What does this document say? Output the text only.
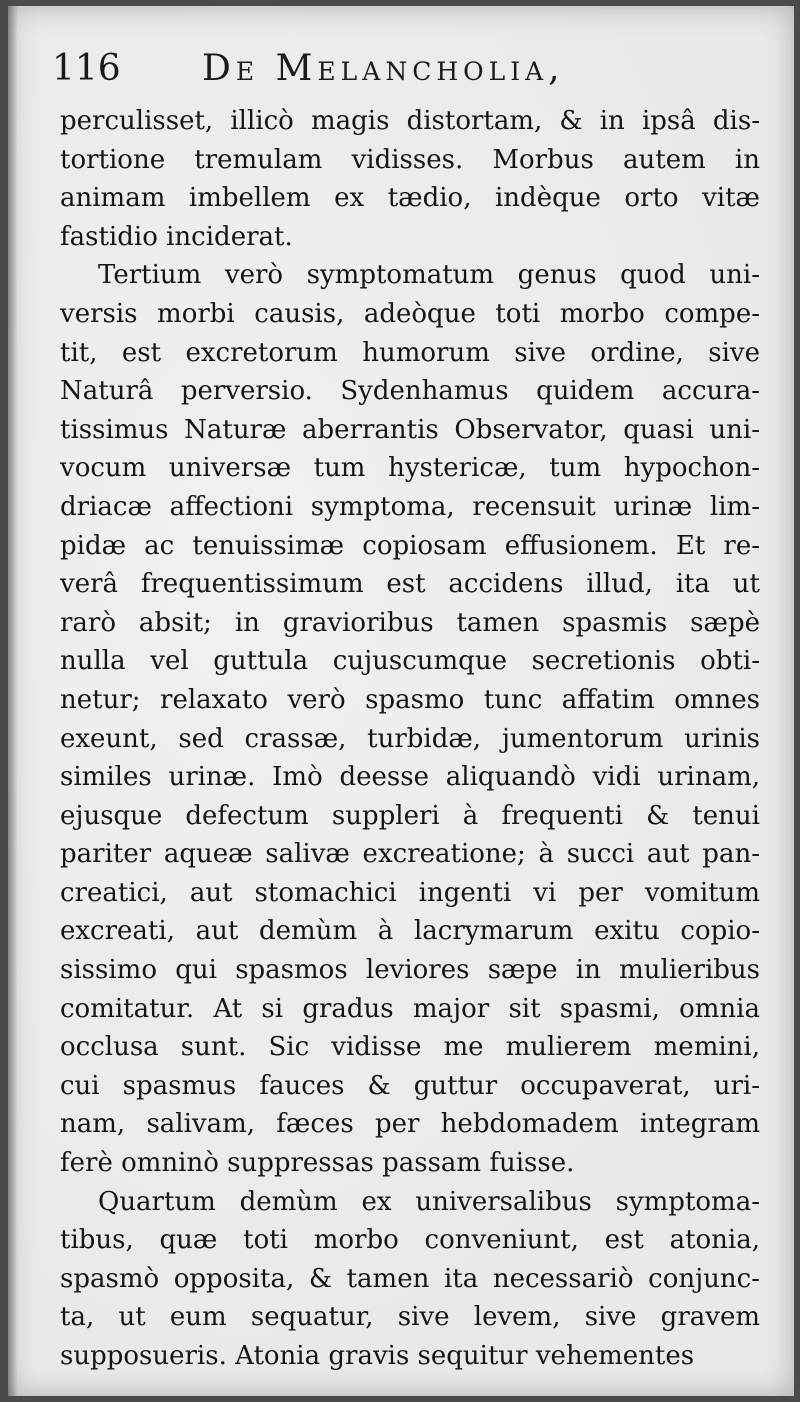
116 De Melancholia,
perculisset, illicò magis distortam, & in ipsâ dis-
tortione tremulam vidisses. Morbus autem in
animam imbellem ex tædio, indèque orto vitæ
fastidio inciderat.
Tertium verò symptomatum genus quod uni-
versis morbi causis, adeòque toti morbo compe-
tit, est excretorum humorum sive ordine, sive
Naturâ perversio. Sydenhamus quidem accura-
tissimus Naturæ aberrantis Observator, quasi uni-
vocum universæ tum hystericæ, tum hypochon-
driacæ affectioni symptoma, recensuit urinæ lim-
pidæ ac tenuissimæ copiosam effusionem. Et re-
verâ frequentissimum est accidens illud, ita ut
rarò absit; in gravioribus tamen spasmis sæpè
nulla vel guttula cujuscumque secretionis obti-
netur; relaxato verò spasmo tunc affatim omnes
exeunt, sed crassæ, turbidæ, jumentorum urinis
similes urinæ. Imò deesse aliquandò vidi urinam,
ejusque defectum suppleri à frequenti & tenui
pariter aqueæ salivæ excreatione; à succi aut pan-
creatici, aut stomachici ingenti vi per vomitum
excreati, aut demùm à lacrymarum exitu copio-
sissimo qui spasmos leviores sæpe in mulieribus
comitatur. At si gradus major sit spasmi, omnia
occlusa sunt. Sic vidisse me mulierem memini,
cui spasmus fauces & guttur occupaverat, uri-
nam, salivam, fæces per hebdomadem integram
ferè omninò suppressas passam fuisse.
Quartum demùm ex universalibus symptoma-
tibus, quæ toti morbo conveniunt, est atonia,
spasmò opposita, & tamen ita necessariò conjunc-
ta, ut eum sequatur, sive levem, sive gravem
supposueris. Atonia gravis sequitur vehementes
